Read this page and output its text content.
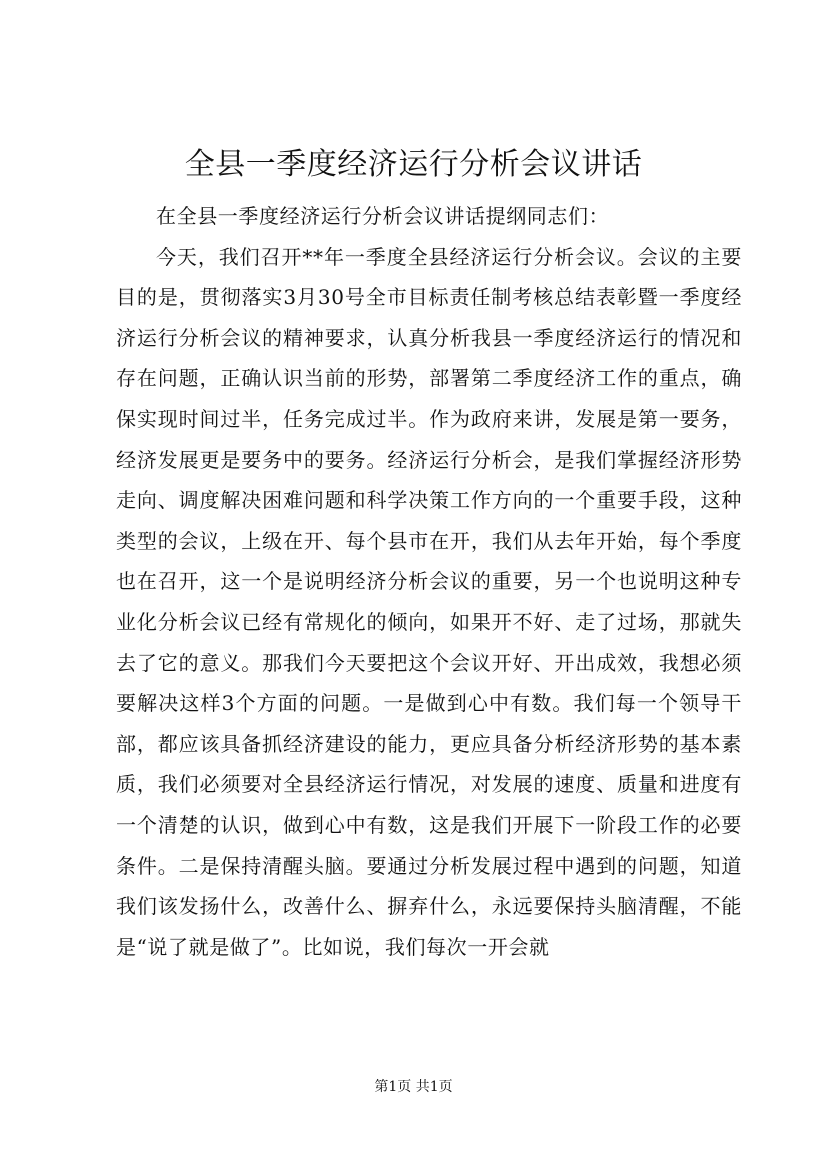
全县一季度经济运行分析会议讲话

在全县一季度经济运行分析会议讲话提纲同志们：

今天，我们召开**年一季度全县经济运行分析会议。会议的主要目的是，贯彻落实3月30号全市目标责任制考核总结表彰暨一季度经济运行分析会议的精神要求，认真分析我县一季度经济运行的情况和存在问题，正确认识当前的形势，部署第二季度经济工作的重点，确保实现时间过半，任务完成过半。作为政府来讲，发展是第一要务，经济发展更是要务中的要务。经济运行分析会，是我们掌握经济形势走向、调度解决困难问题和科学决策工作方向的一个重要手段，这种类型的会议，上级在开、每个县市在开，我们从去年开始，每个季度也在召开，这一个是说明经济分析会议的重要，另一个也说明这种专业化分析会议已经有常规化的倾向，如果开不好、走了过场，那就失去了它的意义。那我们今天要把这个会议开好、开出成效，我想必须要解决这样3个方面的问题。一是做到心中有数。我们每一个领导干部，都应该具备抓经济建设的能力，更应具备分析经济形势的基本素质，我们必须要对全县经济运行情况，对发展的速度、质量和进度有一个清楚的认识，做到心中有数，这是我们开展下一阶段工作的必要条件。二是保持清醒头脑。要通过分析发展过程中遇到的问题，知道我们该发扬什么，改善什么、摒弃什么，永远要保持头脑清醒，不能是“说了就是做了”。比如说，我们每次一开会就

第1页 共1页
